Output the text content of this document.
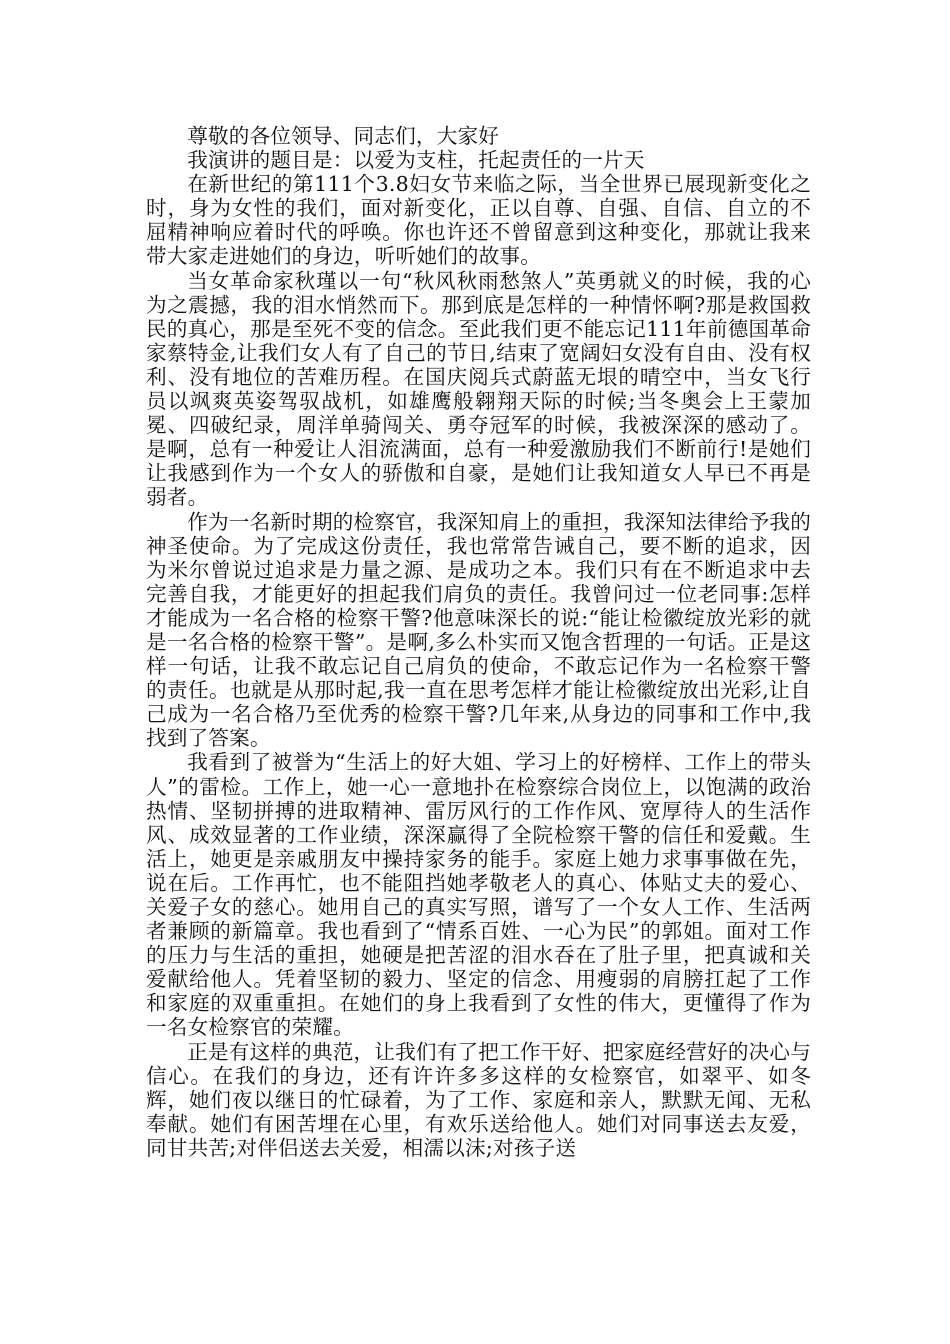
尊敬的各位领导、同志们，大家好

我演讲的题目是：以爱为支柱，托起责任的一片天

在新世纪的第111个3.8妇女节来临之际，当全世界已展现新变化之时，身为女性的我们，面对新变化，正以自尊、自强、自信、自立的不屈精神响应着时代的呼唤。你也许还不曾留意到这种变化，那就让我来带大家走进她们的身边，听听她们的故事。

当女革命家秋瑾以一句“秋风秋雨愁煞人”英勇就义的时候，我的心为之震撼，我的泪水悄然而下。那到底是怎样的一种情怀啊?那是救国救民的真心，那是至死不变的信念。至此我们更不能忘记111年前德国革命家蔡特金,让我们女人有了自己的节日,结束了宽阔妇女没有自由、没有权利、没有地位的苦难历程。在国庆阅兵式蔚蓝无垠的晴空中，当女飞行员以飒爽英姿驾驭战机，如雄鹰般翱翔天际的时候;当冬奥会上王蒙加冕、四破纪录，周洋单骑闯关、勇夺冠军的时候，我被深深的感动了。是啊，总有一种爱让人泪流满面，总有一种爱激励我们不断前行!是她们让我感到作为一个女人的骄傲和自豪，是她们让我知道女人早已不再是弱者。

作为一名新时期的检察官，我深知肩上的重担，我深知法律给予我的神圣使命。为了完成这份责任，我也常常告诫自己，要不断的追求，因为米尔曾说过追求是力量之源、是成功之本。我们只有在不断追求中去完善自我，才能更好的担起我们肩负的责任。我曾问过一位老同事:怎样才能成为一名合格的检察干警?他意味深长的说:“能让检徽绽放光彩的就是一名合格的检察干警”。是啊,多么朴实而又饱含哲理的一句话。正是这样一句话，让我不敢忘记自己肩负的使命，不敢忘记作为一名检察干警的责任。也就是从那时起,我一直在思考怎样才能让检徽绽放出光彩,让自己成为一名合格乃至优秀的检察干警?几年来,从身边的同事和工作中,我找到了答案。

我看到了被誉为“生活上的好大姐、学习上的好榜样、工作上的带头人”的雷检。工作上，她一心一意地扑在检察综合岗位上，以饱满的政治热情、坚韧拼搏的进取精神、雷厉风行的工作作风、宽厚待人的生活作风、成效显著的工作业绩，深深赢得了全院检察干警的信任和爱戴。生活上，她更是亲戚朋友中操持家务的能手。家庭上她力求事事做在先，说在后。工作再忙，也不能阻挡她孝敬老人的真心、体贴丈夫的爱心、关爱子女的慈心。她用自己的真实写照，谱写了一个女人工作、生活两者兼顾的新篇章。我也看到了“情系百姓、一心为民”的郭姐。面对工作的压力与生活的重担，她硬是把苦涩的泪水吞在了肚子里，把真诚和关爱献给他人。凭着坚韧的毅力、坚定的信念、用瘦弱的肩膀扛起了工作和家庭的双重重担。在她们的身上我看到了女性的伟大，更懂得了作为一名女检察官的荣耀。

正是有这样的典范，让我们有了把工作干好、把家庭经营好的决心与信心。在我们的身边，还有许许多多这样的女检察官，如翠平、如冬辉，她们夜以继日的忙碌着，为了工作、家庭和亲人，默默无闻、无私奉献。她们有困苦埋在心里，有欢乐送给他人。她们对同事送去友爱，同甘共苦;对伴侣送去关爱，相濡以沫;对孩子送
